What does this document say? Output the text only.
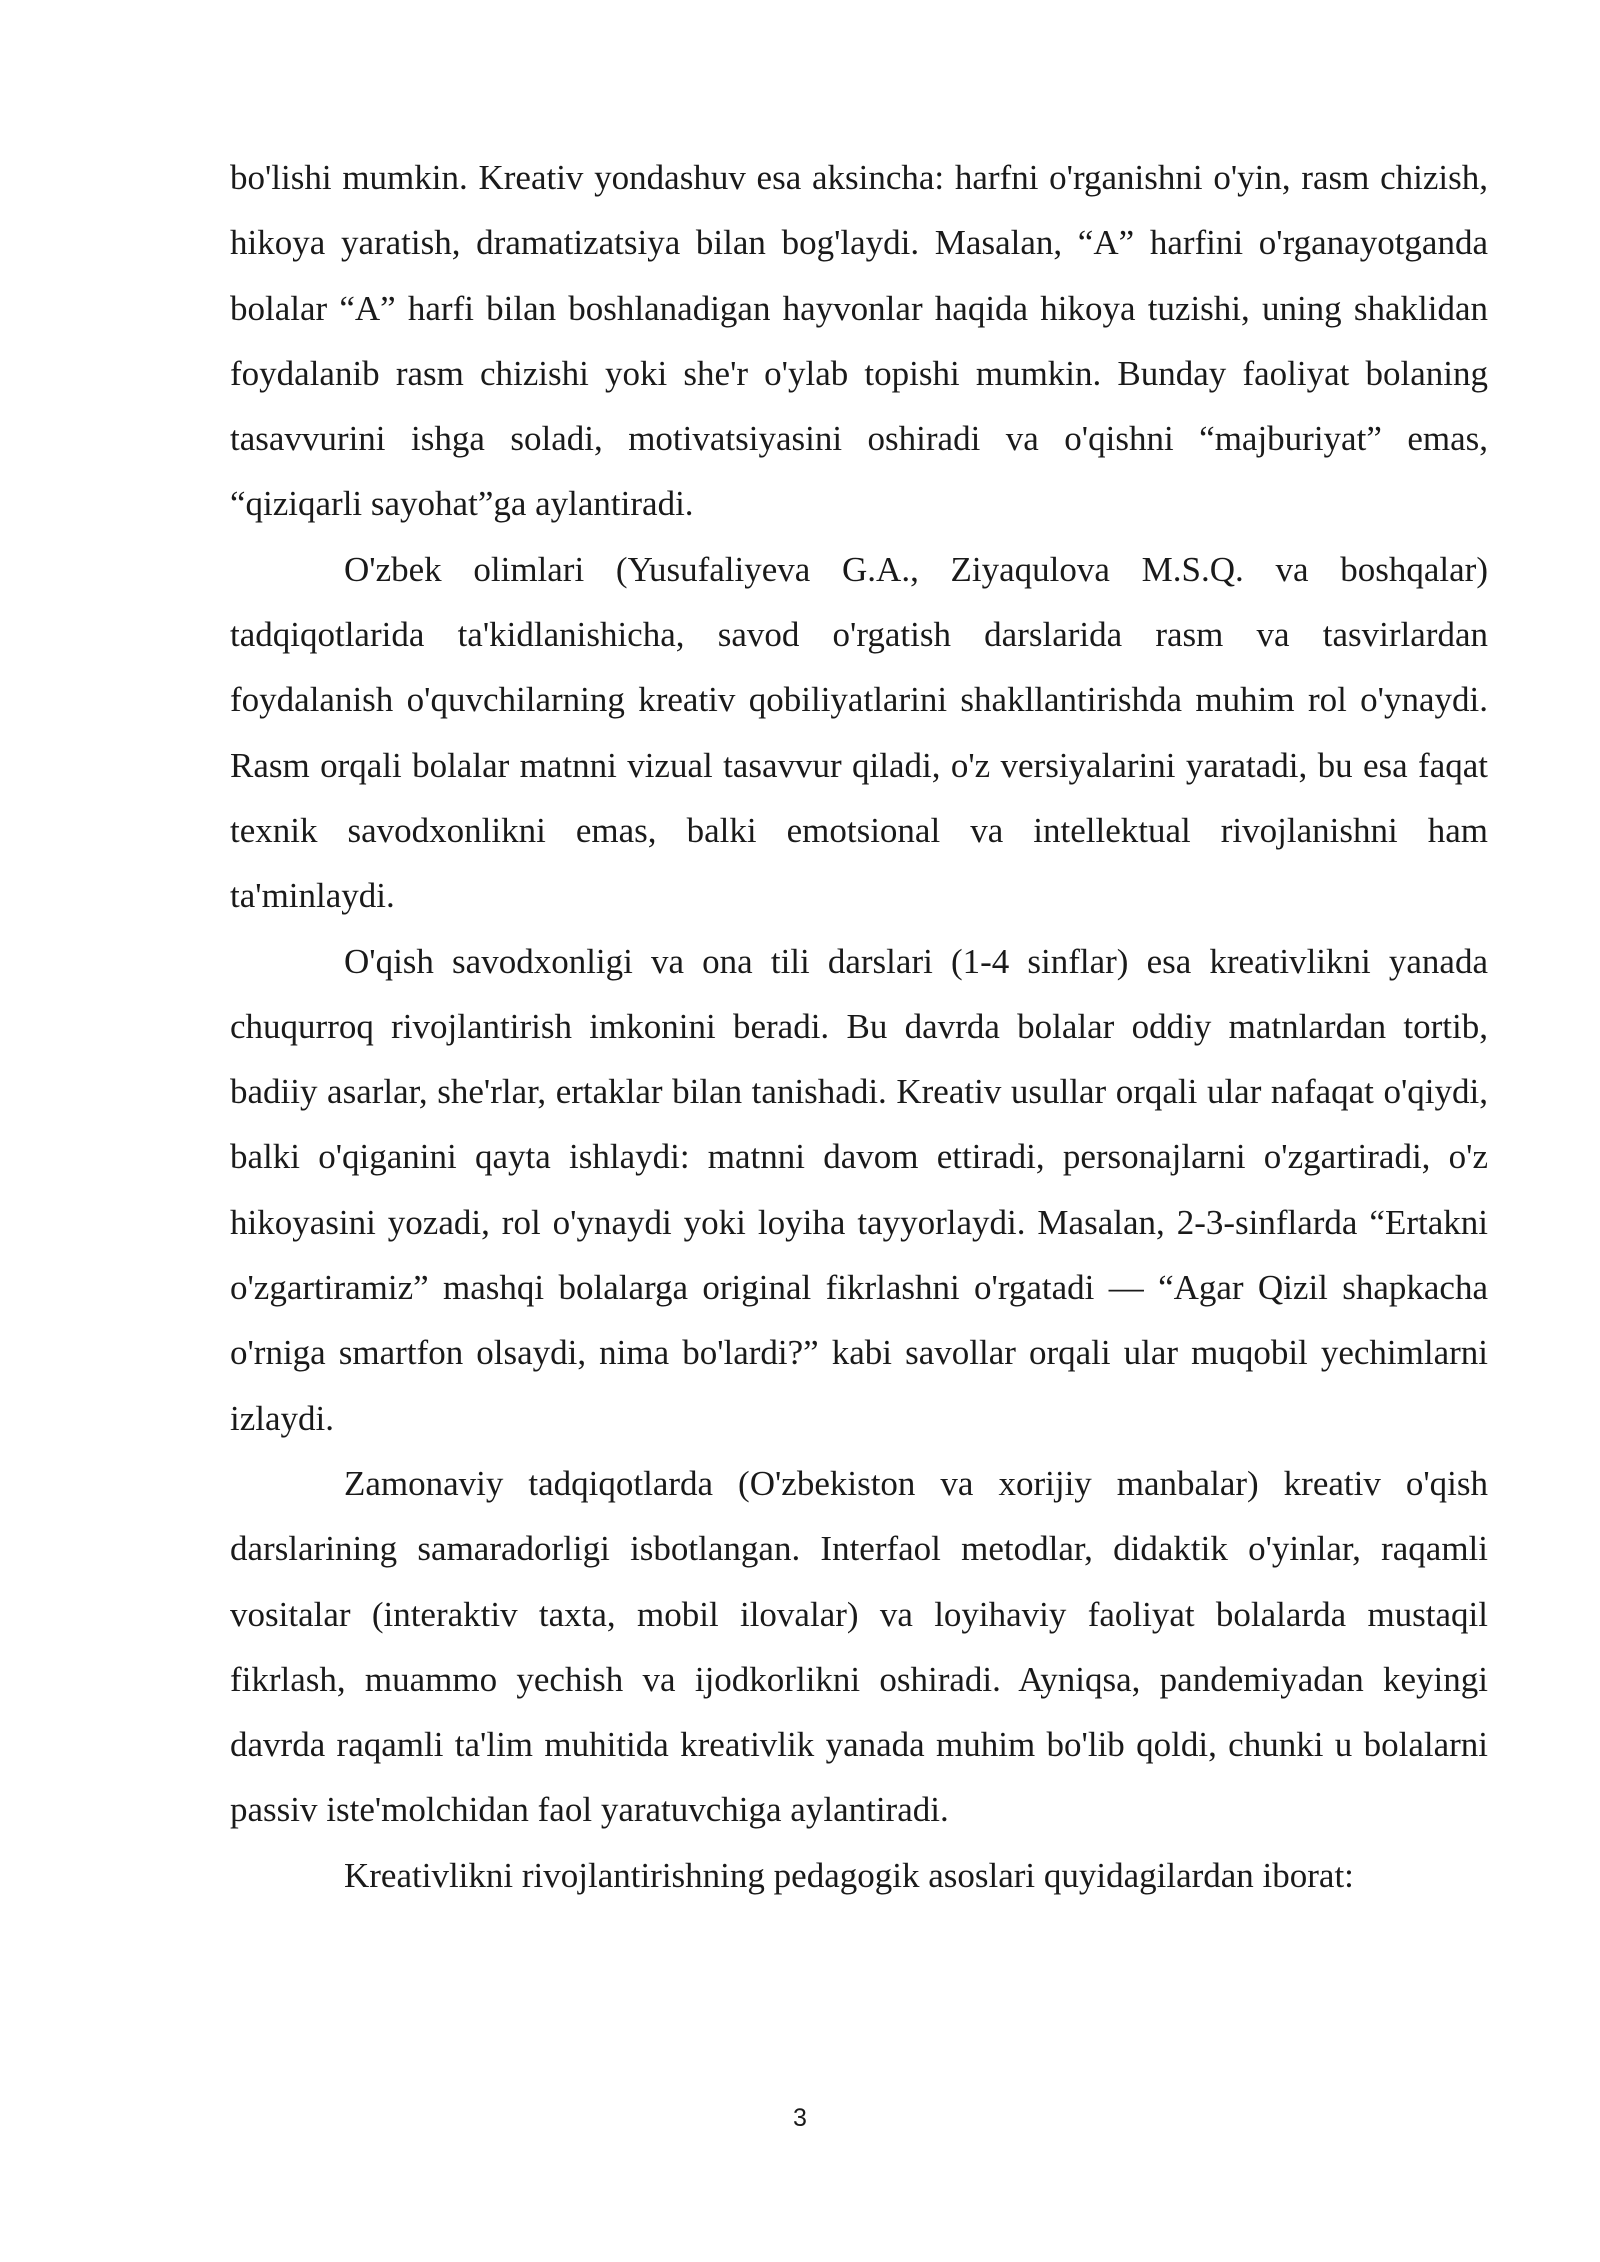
bo'lishi mumkin. Kreativ yondashuv esa aksincha: harfni o'rganishni o'yin, rasm chizish, hikoya yaratish, dramatizatsiya bilan bog'laydi. Masalan, “A” harfini o'rganayotganda bolalar “A” harfi bilan boshlanadigan hayvonlar haqida hikoya tuzishi, uning shaklidan foydalanib rasm chizishi yoki she'r o'ylab topishi mumkin. Bunday faoliyat bolaning tasavvurini ishga soladi, motivatsiyasini oshiradi va o'qishni “majburiyat” emas, “qiziqarli sayohat”ga aylantiradi.

O'zbek olimlari (Yusufaliyeva G.A., Ziyaqulova M.S.Q. va boshqalar) tadqiqotlarida ta'kidlanishicha, savod o'rgatish darslarida rasm va tasvirlardan foydalanish o'quvchilarning kreativ qobiliyatlarini shakllantirishda muhim rol o'ynaydi. Rasm orqali bolalar matnni vizual tasavvur qiladi, o'z versiyalarini yaratadi, bu esa faqat texnik savodxonlikni emas, balki emotsional va intellektual rivojlanishni ham ta'minlaydi.

O'qish savodxonligi va ona tili darslari (1-4 sinflar) esa kreativlikni yanada chuqurroq rivojlantirish imkonini beradi. Bu davrda bolalar oddiy matnlardan tortib, badiiy asarlar, she'rlar, ertaklar bilan tanishadi. Kreativ usullar orqali ular nafaqat o'qiydi, balki o'qiganini qayta ishlaydi: matnni davom ettiradi, personajlarni o'zgartiradi, o'z hikoyasini yozadi, rol o'ynaydi yoki loyiha tayyorlaydi. Masalan, 2-3-sinflarda “Ertakni o'zgartiramiz” mashqi bolalarga original fikrlashni o'rgatadi — “Agar Qizil shapkacha o'rniga smartfon olsaydi, nima bo'lardi?” kabi savollar orqali ular muqobil yechimlarni izlaydi.

Zamonaviy tadqiqotlarda (O'zbekiston va xorijiy manbalar) kreativ o'qish darslarining samaradorligi isbotlangan. Interfaol metodlar, didaktik o'yinlar, raqamli vositalar (interaktiv taxta, mobil ilovalar) va loyihaviy faoliyat bolalarda mustaqil fikrlash, muammo yechish va ijodkorlikni oshiradi. Ayniqsa, pandemiyadan keyingi davrda raqamli ta'lim muhitida kreativlik yanada muhim bo'lib qoldi, chunki u bolalarni passiv iste'molchidan faol yaratuvchiga aylantiradi.

Kreativlikni rivojlantirishning pedagogik asoslari quyidagilardan iborat:

3
